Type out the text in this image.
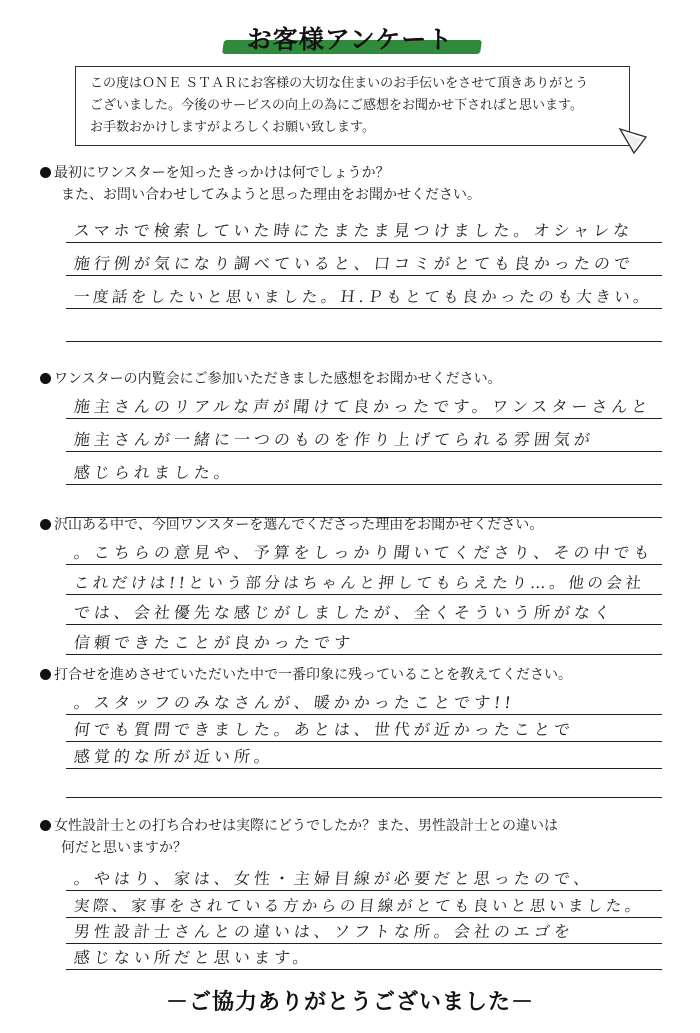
お客様アンケート

この度はＯＮＥ ＳＴＡＲにお客様の大切な住まいのお手伝いをさせて頂きありがとう

ございました。今後のサービスの向上の為にご感想をお聞かせ下さればと思います。

お手数おかけしますがよろしくお願い致します。

最初にワンスターを知ったきっかけは何でしょうか？
また、お問い合わせしてみようと思った理由をお聞かせください。
スマホで検索していた時にたまたま見つけました。オシャレな
施行例が気になり調べていると、口コミがとても良かったので
一度話をしたいと思いました。Ｈ.Ｐもとても良かったのも大きい。
ワンスターの内覧会にご参加いただきました感想をお聞かせください。
施主さんのリアルな声が聞けて良かったです。ワンスターさんと
施主さんが一緒に一つのものを作り上げてられる雰囲気が
感じられました。
沢山ある中で、今回ワンスターを選んでくださった理由をお聞かせください。
。こちらの意見や、予算をしっかり聞いてくださり、その中でも
これだけは!!という部分はちゃんと押してもらえたり…。他の会社
では、会社優先な感じがしましたが、全くそういう所がなく
信頼できたことが良かったです
打合せを進めさせていただいた中で一番印象に残っていることを教えてください。
。スタッフのみなさんが、暖かかったことです!!
何でも質問できました。あとは、世代が近かったことで
感覚的な所が近い所。
女性設計士との打ち合わせは実際にどうでしたか？また、男性設計士との違いは
何だと思いますか？
。やはり、家は、女性・主婦目線が必要だと思ったので、
実際、家事をされている方からの目線がとても良いと思いました。
男性設計士さんとの違いは、ソフトな所。会社のエゴを
感じない所だと思います。
－ご協力ありがとうございました－
